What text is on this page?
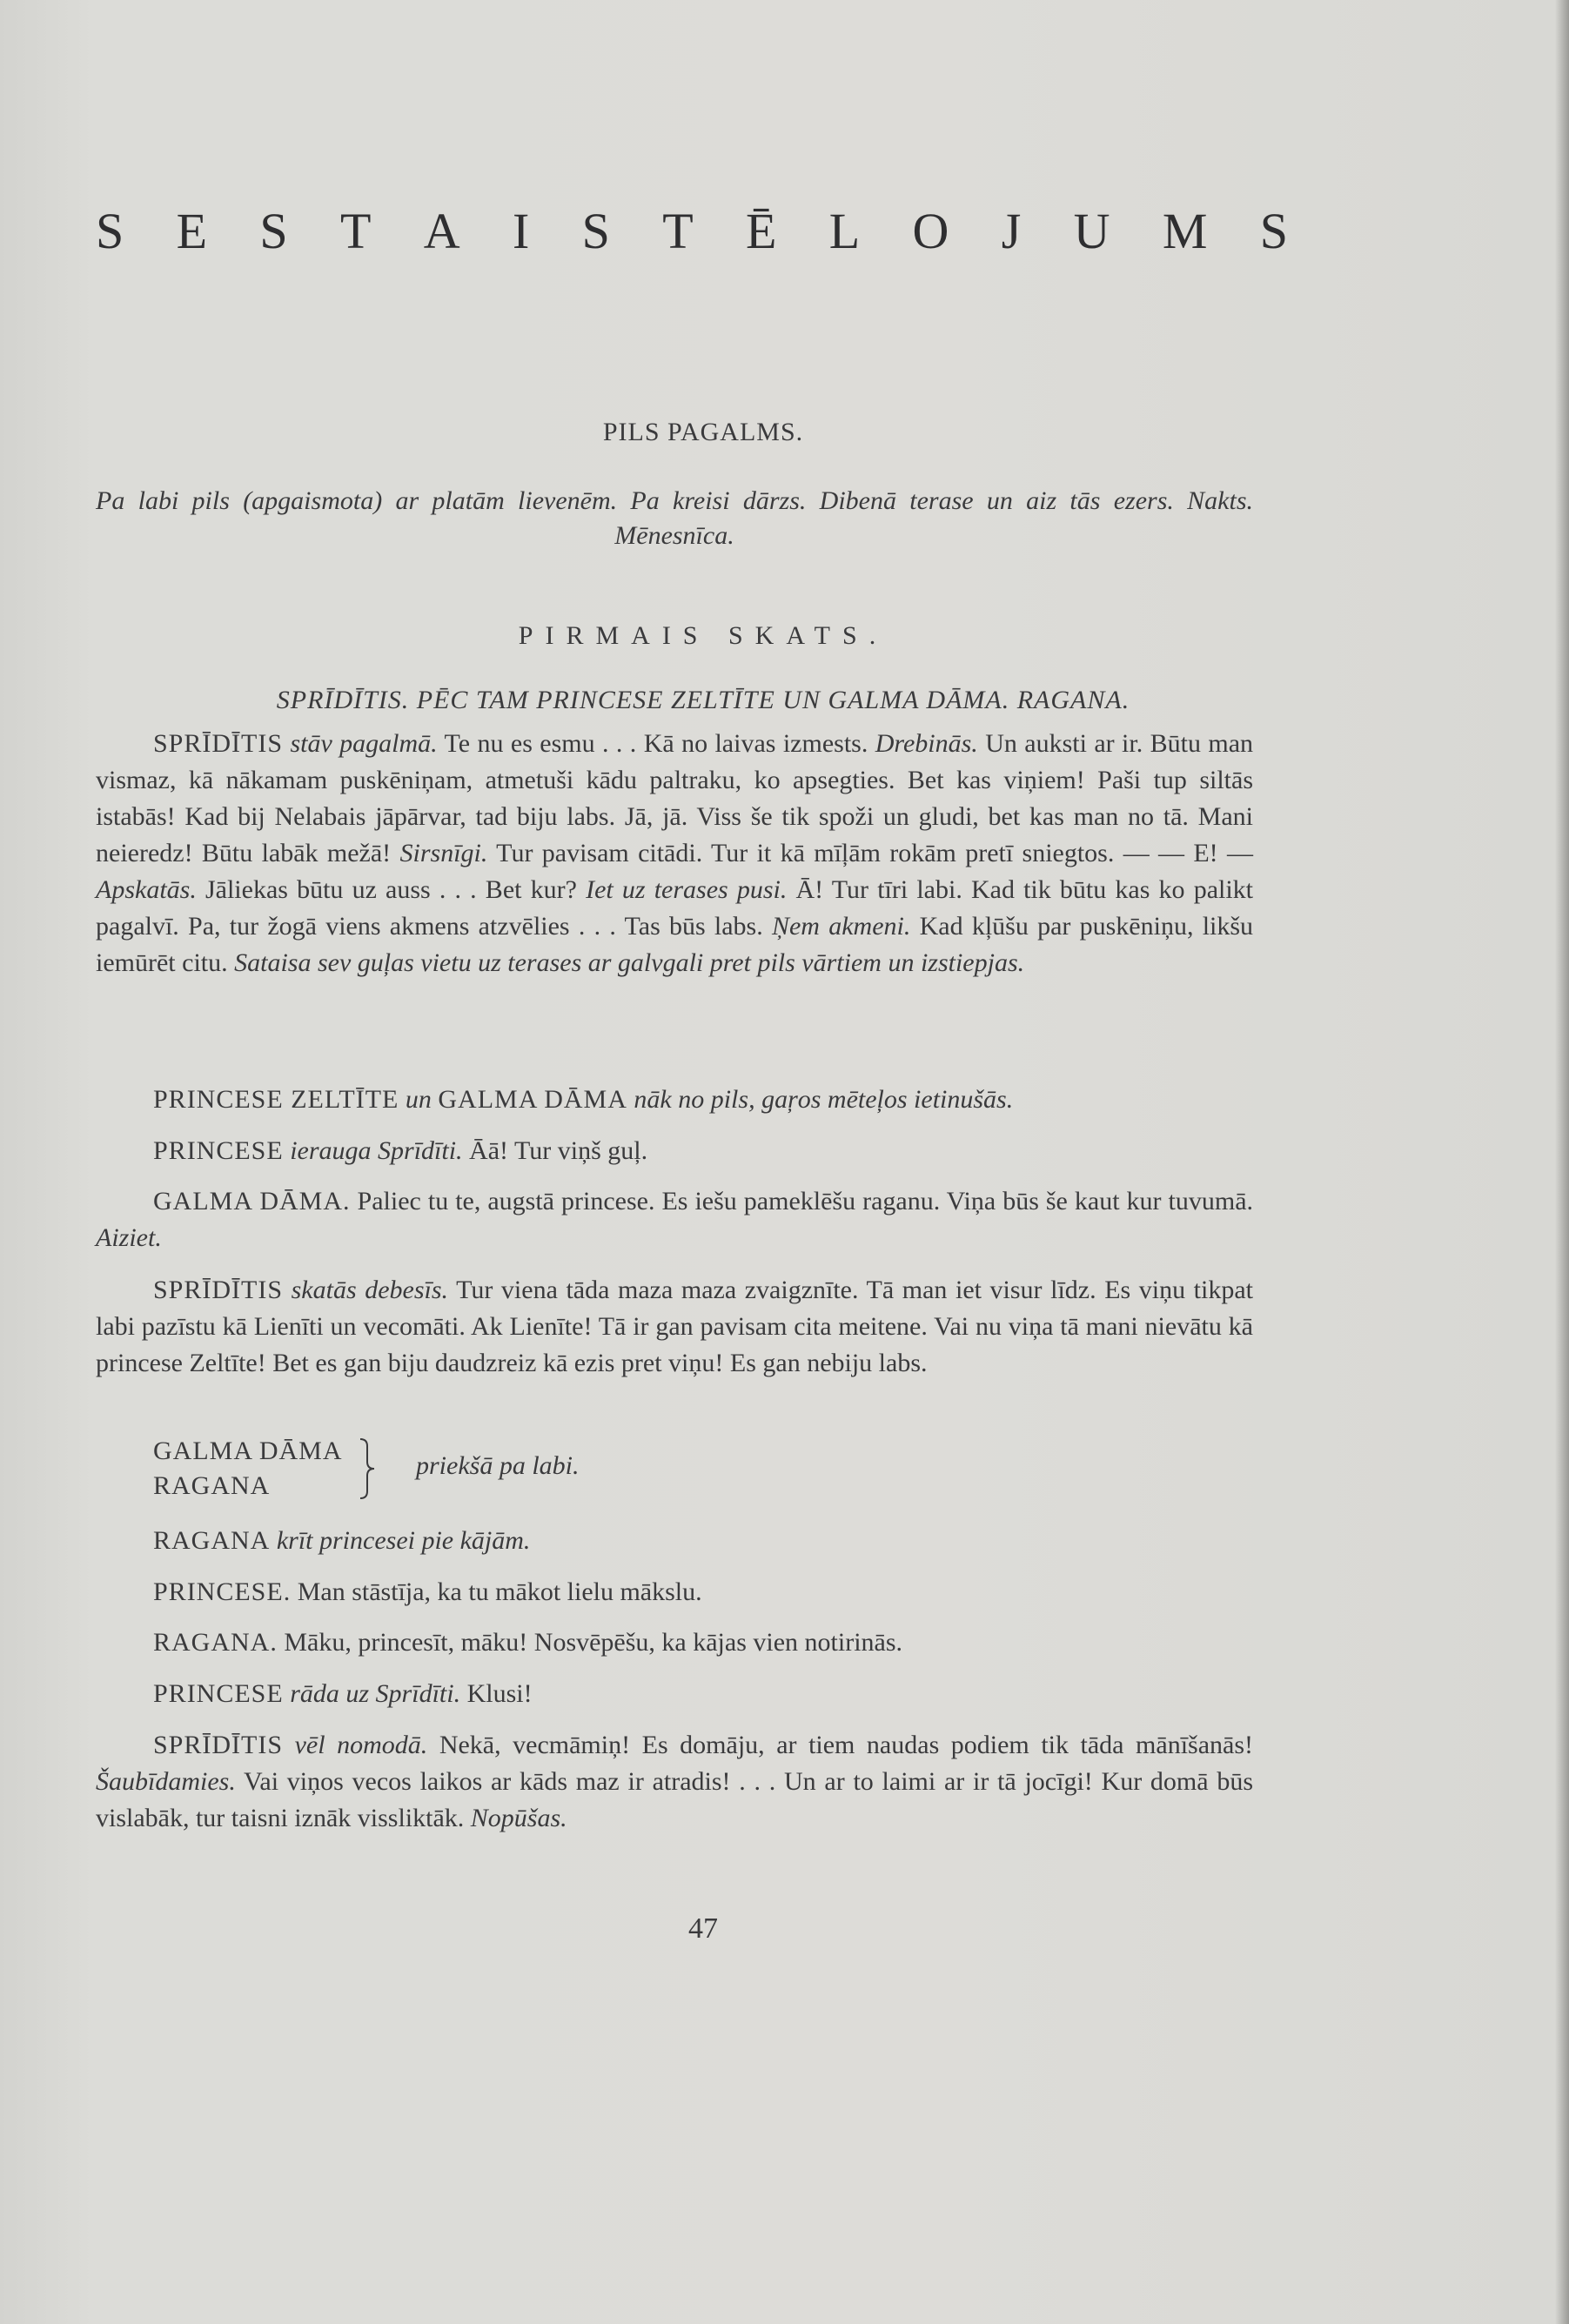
S E S T A I S T Ē L O J U M S
PILS PAGALMS.
Pa labi pils (apgaismota) ar platām lievenēm. Pa kreisi dārzs. Dibenā terase un aiz tās ezers. Nakts. Mēnesnīca.
PIRMAIS SKATS.
SPRĪDĪTIS. PĒC TAM PRINCESE ZELTĪTE UN GALMA DĀMA. RAGANA.
SPRĪDĪTIS stāv pagalmā. Te nu es esmu . . . Kā no laivas izmests. Drebinās. Un auksti ar ir. Būtu man vismaz, kā nākamam puskēniņam, atmetuši kādu paltraku, ko apsegties. Bet kas viņiem! Paši tup siltās istabās! Kad bij Nelabais jāpārvar, tad biju labs. Jā, jā. Viss še tik spoži un gludi, bet kas man no tā. Mani neieredz! Būtu labāk mežā! Sirsnīgi. Tur pavisam citādi. Tur it kā mīļām rokām pretī sniegtos. — — E! — Apskatās. Jāliekas būtu uz auss . . . Bet kur? Iet uz terases pusi. Ā! Tur tīri labi. Kad tik būtu kas ko palikt pagalvī. Pa, tur žogā viens akmens atzvēlies . . . Tas būs labs. Ņem akmeni. Kad kļūšu par puskēniņu, likšu iemūrēt citu. Sataisa sev guļas vietu uz terases ar galvgali pret pils vārtiem un izstiepjas.
PRINCESE ZELTĪTE un GALMA DĀMA nāk no pils, gaŗos mēteļos ietinušās.
PRINCESE ierauga Sprīdīti. Āā! Tur viņš guļ.
GALMA DĀMA. Paliec tu te, augstā princese. Es iešu pameklēšu raganu. Viņa būs še kaut kur tuvumā. Aiziet.
SPRĪDĪTIS skatās debesīs. Tur viena tāda maza maza zvaigznīte. Tā man iet visur līdz. Es viņu tikpat labi pazīstu kā Lienīti un vecomāti. Ak Lienīte! Tā ir gan pavisam cita meitene. Vai nu viņa tā mani nievātu kā princese Zeltīte! Bet es gan biju daudzreiz kā ezis pret viņu! Es gan nebiju labs.
GALMA DĀMA
RAGANA
priekšā pa labi.
RAGANA krīt princesei pie kājām.
PRINCESE. Man stāstīja, ka tu mākot lielu mākslu.
RAGANA. Māku, princesīt, māku! Nosvēpēšu, ka kājas vien notirinās.
PRINCESE rāda uz Sprīdīti. Klusi!
SPRĪDĪTIS vēl nomodā. Nekā, vecmāmiņ! Es domāju, ar tiem naudas podiem tik tāda mānīšanās! Šaubīdamies. Vai viņos vecos laikos ar kāds maz ir atradis! . . . Un ar to laimi ar ir tā jocīgi! Kur domā būs vislabāk, tur taisni iznāk vissliktāk. Nopūšas.
47
